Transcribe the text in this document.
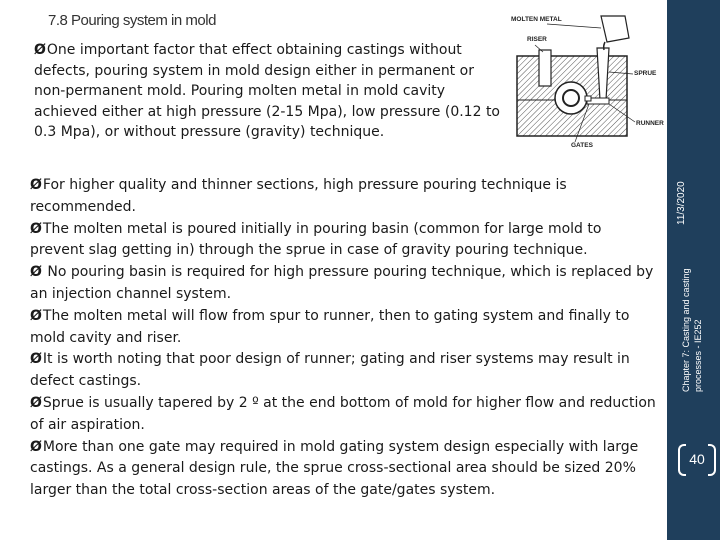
7.8 Pouring system in mold

ØOne important factor that effect obtaining castings without defects, pouring system in mold design either in permanent or non-permanent mold. Pouring molten metal in mold cavity achieved either at high pressure (2-15 Mpa), low pressure (0.12 to 0.3 Mpa), or without pressure (gravity) technique.

MOLTEN METAL
RISER
SPRUE
RUNNER
GATES

ØFor higher quality and thinner sections, high pressure pouring technique is recommended.

ØThe molten metal is poured initially in pouring basin (common for large mold to prevent slag getting in) through the sprue in case of gravity pouring technique.

Ø No pouring basin is required for high pressure pouring technique, which is replaced by an injection channel system.

ØThe molten metal will flow from spur to runner, then to gating system and finally to mold cavity and riser.

ØIt is worth noting that poor design of runner; gating and riser systems may result in defect castings.

ØSprue is usually tapered by 2 º at the end bottom of mold for higher flow and reduction of air aspiration.

ØMore than one gate may required in mold gating system design especially with large castings. As a general design rule, the sprue cross-sectional area should be sized 20% larger than the total cross-section areas of the gate/gates system.

Chapter 7: Casting and casting processes - IE252
11/3/2020
40
